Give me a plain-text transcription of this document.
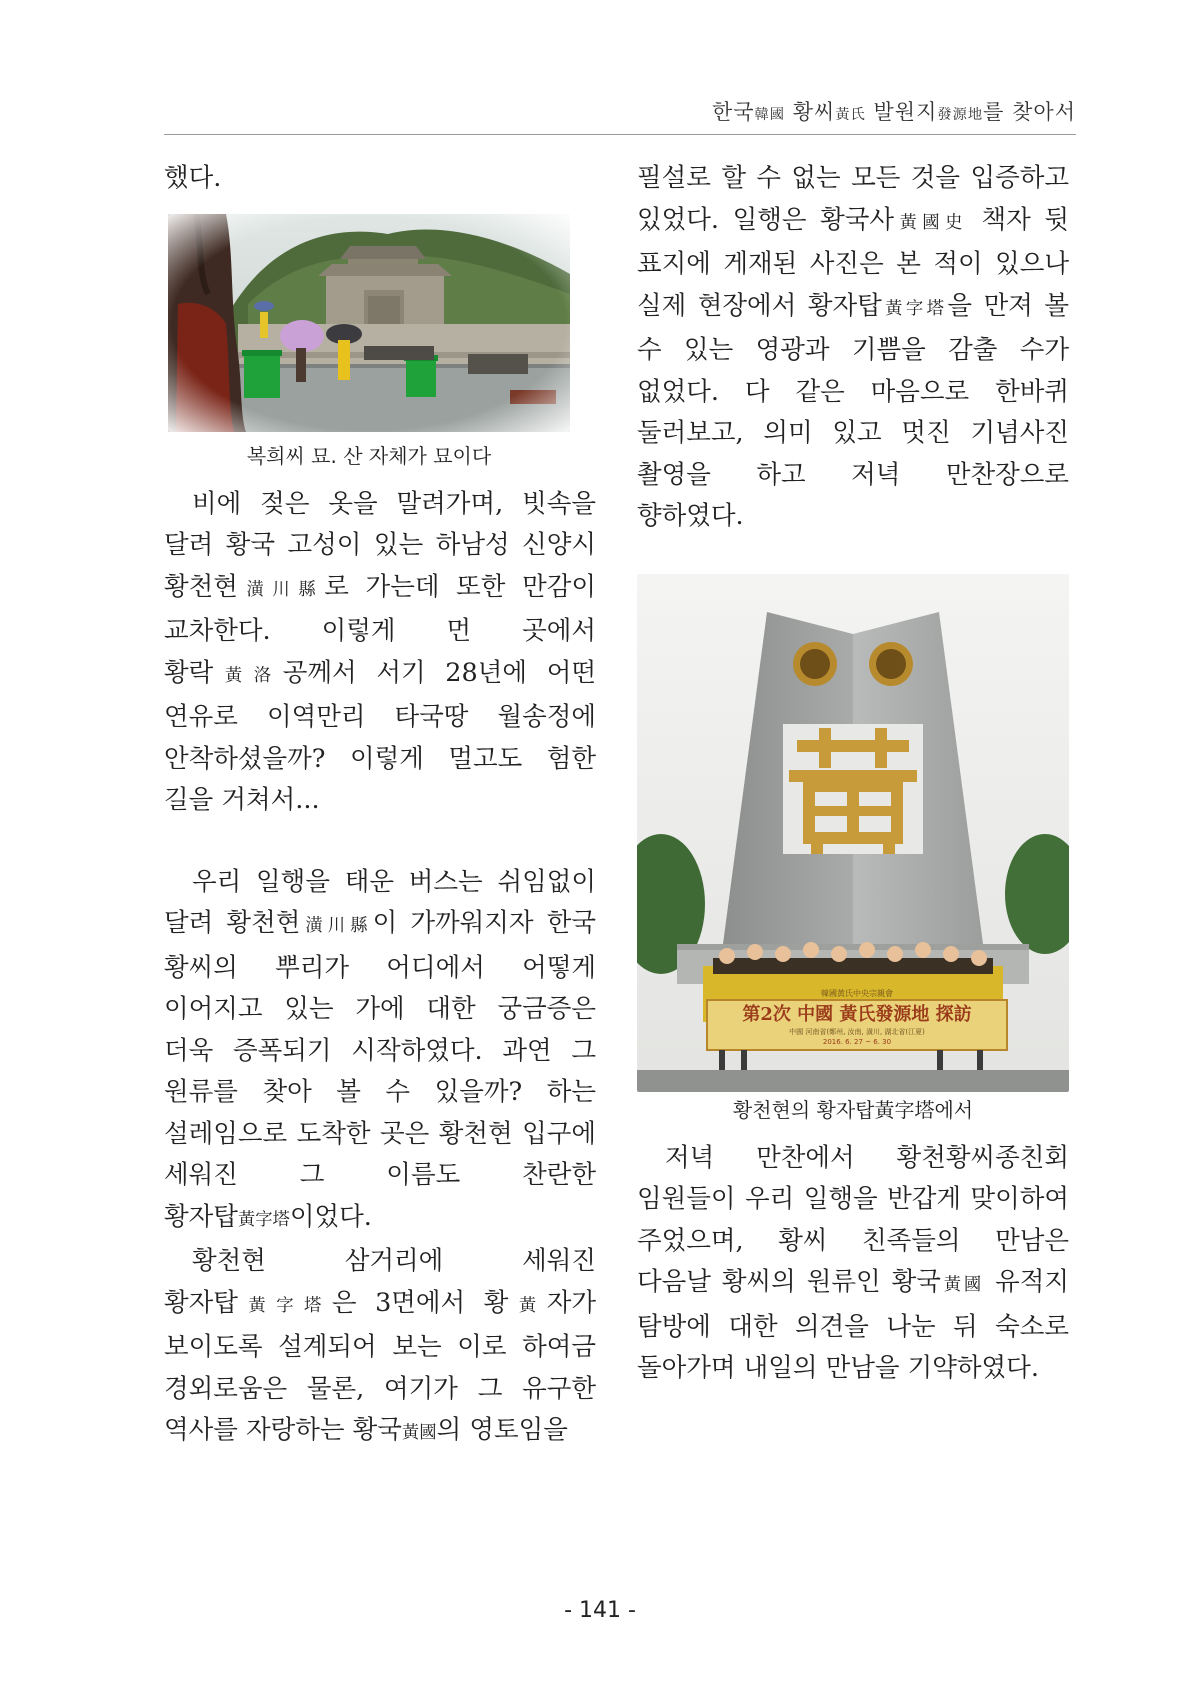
한국韓國 황씨黃氏 발원지發源地를 찾아서

했다.

복희씨 묘. 산 자체가 묘이다

비에 젖은 옷을 말려가며, 빗속을 달려 황국 고성이 있는 하남성 신양시 황천현潢川縣로 가는데 또한 만감이 교차한다. 이렇게 먼 곳에서 황락黃洛공께서 서기 28년에 어떤 연유로 이역만리 타국땅 월송정에 안착하셨을까? 이렇게 멀고도 험한 길을 거쳐서...

우리 일행을 태운 버스는 쉬임없이 달려 황천현潢川縣이 가까워지자 한국 황씨의 뿌리가 어디에서 어떻게 이어지고 있는 가에 대한 궁금증은 더욱 증폭되기 시작하였다. 과연 그 원류를 찾아 볼 수 있을까? 하는 설레임으로 도착한 곳은 황천현 입구에 세워진 그 이름도 찬란한 황자탑黃字塔이었다.

황천현 삼거리에 세워진 황자탑黃字塔은 3면에서 황黃자가 보이도록 설계되어 보는 이로 하여금 경외로움은 물론, 여기가 그 유구한 역사를 자랑하는 황국黃國의 영토임을

필설로 할 수 없는 모든 것을 입증하고 있었다. 일행은 황국사黃國史 책자 뒷 표지에 게재된 사진은 본 적이 있으나 실제 현장에서 황자탑黃字塔을 만져 볼 수 있는 영광과 기쁨을 감출 수가 없었다. 다 같은 마음으로 한바퀴 둘러보고, 의미 있고 멋진 기념사진 촬영을 하고 저녁 만찬장으로 향하였다.

韓國黃氏中央宗親會
第2次 中國 黃氏發源地 探訪
中國 河南省(鄭州, 汝南, 潢川, 湖北省(江夏)
2016. 6. 27 ~ 6. 30
황천현의 황자탑黃字塔에서

저녁 만찬에서 황천황씨종친회 임원들이 우리 일행을 반갑게 맞이하여 주었으며, 황씨 친족들의 만남은 다음날 황씨의 원류인 황국黃國 유적지 탐방에 대한 의견을 나눈 뒤 숙소로 돌아가며 내일의 만남을 기약하였다.

- 141 -
